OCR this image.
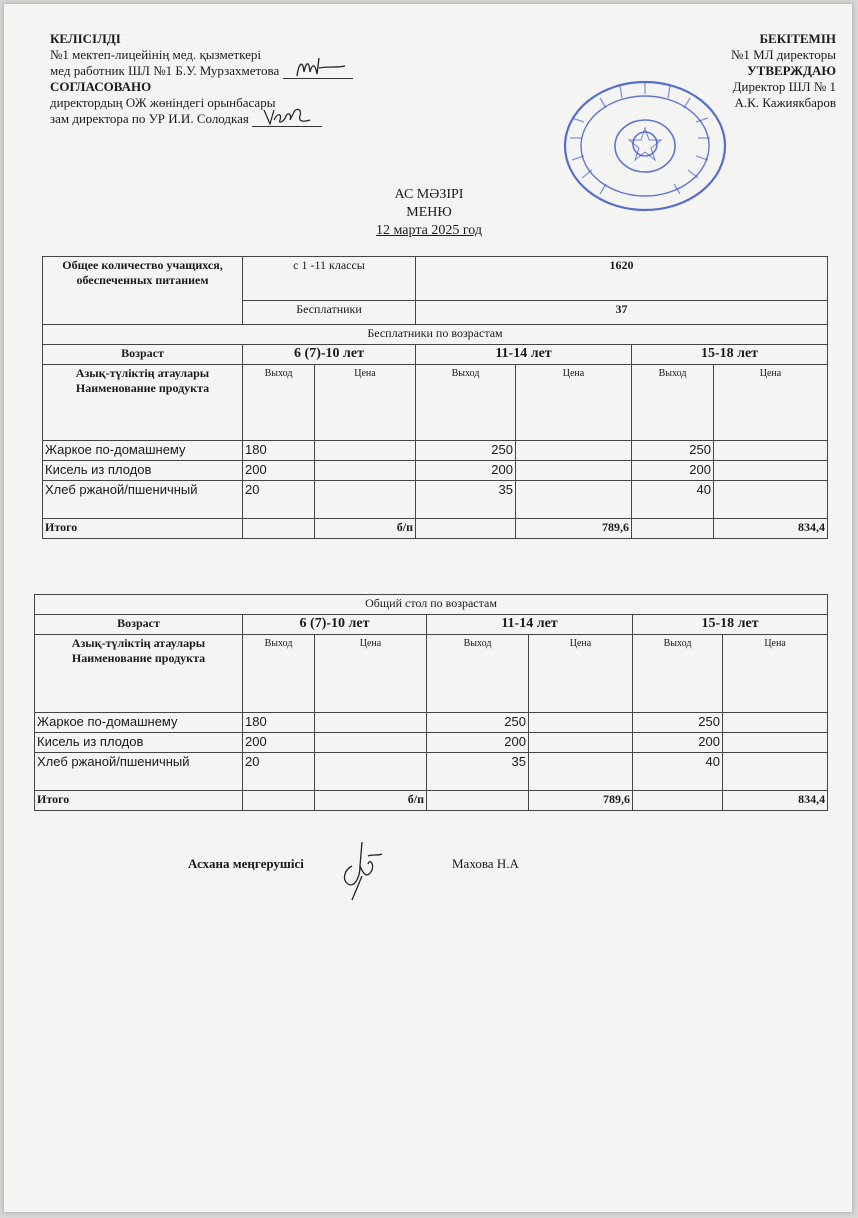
КЕЛІСІЛДІ
№1 мектеп-лицейінің мед. қызметкері
мед работник ШЛ №1 Б.У. Мурзахметова
СОГЛАСОВАНО
директордың ОЖ жөніндегі орынбасары
зам директора по УР И.И. Солодкая
БЕКІТЕМІН
№1 МЛ директоры
УТВЕРЖДАЮ
Директор ШЛ № 1
А.К. Кажиякбаров
АС МӘЗІРІ
МЕНЮ
12 марта 2025 год
Общее количество учащихся, обеспеченных питанием	с 1 -11 классы		1620			
	Бесплатники		37			
Бесплатники по возрастам						
Возраст	6 (7)-10 лет		11-14 лет		15-18 лет	
Азық-түліктің атаулары Наименование продукта	Выход	Цена	Выход	Цена	Выход	Цена
Жаркое по-домашнему	180		250		250	
Кисель из плодов	200		200		200	
Хлеб ржаной/пшеничный	20		35		40	
Итого		б/п		789,6		834,4
Общий стол по возрастам						
Возраст	6 (7)-10 лет		11-14 лет		15-18 лет	
Азық-түліктің атаулары Наименование продукта	Выход	Цена	Выход	Цена	Выход	Цена
Жаркое по-домашнему	180		250		250	
Кисель из плодов	200		200		200	
Хлеб ржаной/пшеничный	20		35		40	
Итого		б/п		789,6		834,4
Асхана меңгерушісі	Махова Н.А
